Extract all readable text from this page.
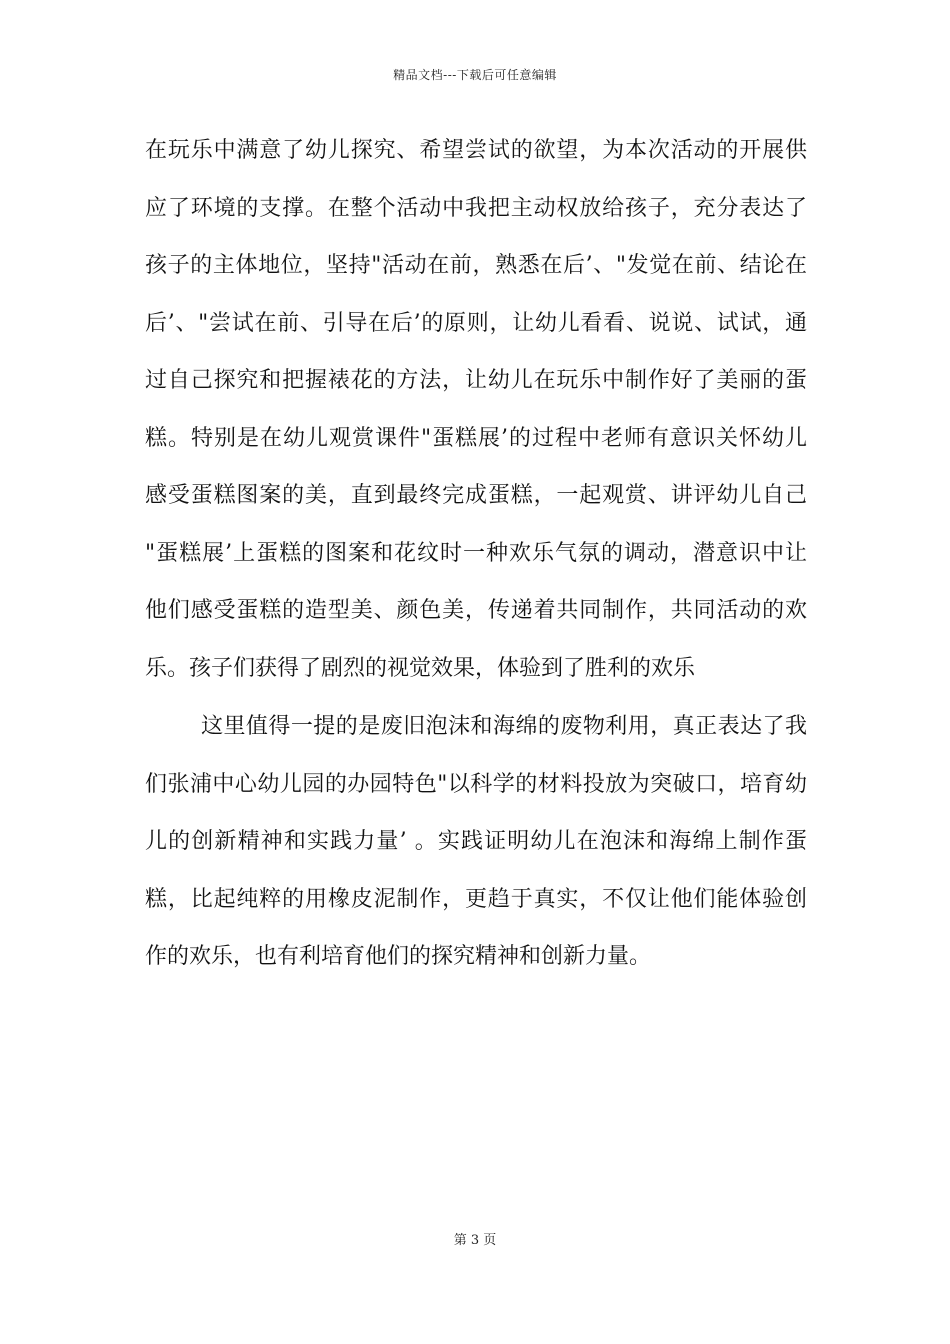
精品文档---下载后可任意编辑
在玩乐中满意了幼儿探究、希望尝试的欲望，为本次活动的开展供
应了环境的支撑。在整个活动中我把主动权放给孩子，充分表达了
孩子的主体地位，坚持"活动在前，熟悉在后’、"发觉在前、结论在
后’、"尝试在前、引导在后’的原则，让幼儿看看、说说、试试，通
过自己探究和把握裱花的方法，让幼儿在玩乐中制作好了美丽的蛋
糕。特别是在幼儿观赏课件"蛋糕展’的过程中老师有意识关怀幼儿
感受蛋糕图案的美，直到最终完成蛋糕，一起观赏、讲评幼儿自己
"蛋糕展’上蛋糕的图案和花纹时一种欢乐气氛的调动，潜意识中让
他们感受蛋糕的造型美、颜色美，传递着共同制作，共同活动的欢
乐。孩子们获得了剧烈的视觉效果，体验到了胜利的欢乐
这里值得一提的是废旧泡沫和海绵的废物利用，真正表达了我
们张浦中心幼儿园的办园特色"以科学的材料投放为突破口，培育幼
儿的创新精神和实践力量’ 。实践证明幼儿在泡沫和海绵上制作蛋
糕，比起纯粹的用橡皮泥制作，更趋于真实，不仅让他们能体验创
作的欢乐，也有利培育他们的探究精神和创新力量。
第 3 页
